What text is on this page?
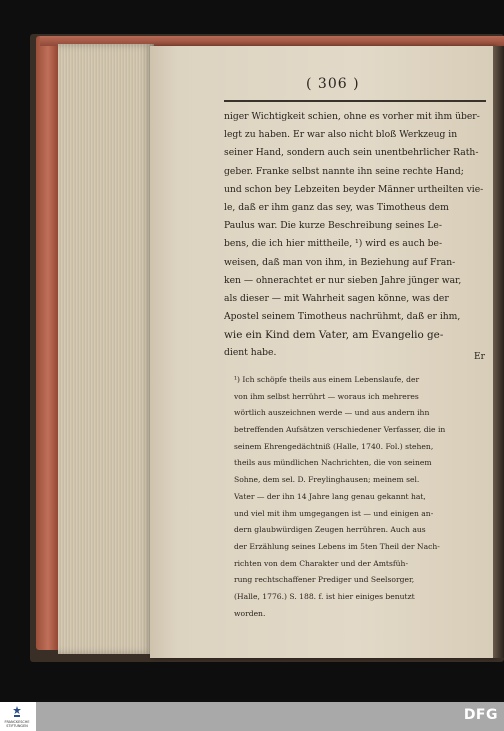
( 306 )
niger Wichtigkeit schien, ohne es vorher mit ihm über-
legt zu haben. Er war also nicht bloß Werkzeug in
seiner Hand, sondern auch sein unentbehrlicher Rath-
geber. Franke selbst nannte ihn seine rechte Hand;
und schon bey Lebzeiten beyder Männer urtheilten vie-
le, daß er ihm ganz das sey, was Timotheus dem
Paulus war. Die kurze Beschreibung seines Le-
bens, die ich hier mittheile, ¹) wird es auch be-
weisen, daß man von ihm, in Beziehung auf Fran-
ken — ohnerachtet er nur sieben Jahre jünger war,
als dieser — mit Wahrheit sagen könne, was der
Apostel seinem Timotheus nachrühmt, daß er ihm,
wie ein Kind dem Vater, am Evangelio ge-
dient habe.	Er
¹) Ich schöpfe theils aus einem Lebenslaufe, der
von ihm selbst herrührt — woraus ich mehreres
wörtlich auszeichnen werde — und aus andern ihn
betreffenden Aufsätzen verschiedener Verfasser, die in
seinem Ehrengedächtniß (Halle, 1740. Fol.) stehen,
theils aus mündlichen Nachrichten, die von seinem
Sohne, dem sel. D. Freylinghausen; meinem sel.
Vater — der ihn 14 Jahre lang genau gekannt hat,
und viel mit ihm umgegangen ist — und einigen an-
dern glaubwürdigen Zeugen herrühren. Auch aus
der Erzählung seines Lebens im 5ten Theil der Nach-
richten von dem Charakter und der Amtsfüh-
rung rechtschaffener Prediger und Seelsorger,
(Halle, 1776.) S. 188. f. ist hier einiges benutzt
worden.
FRANCKESCHE
STIFTUNGEN
DFG
